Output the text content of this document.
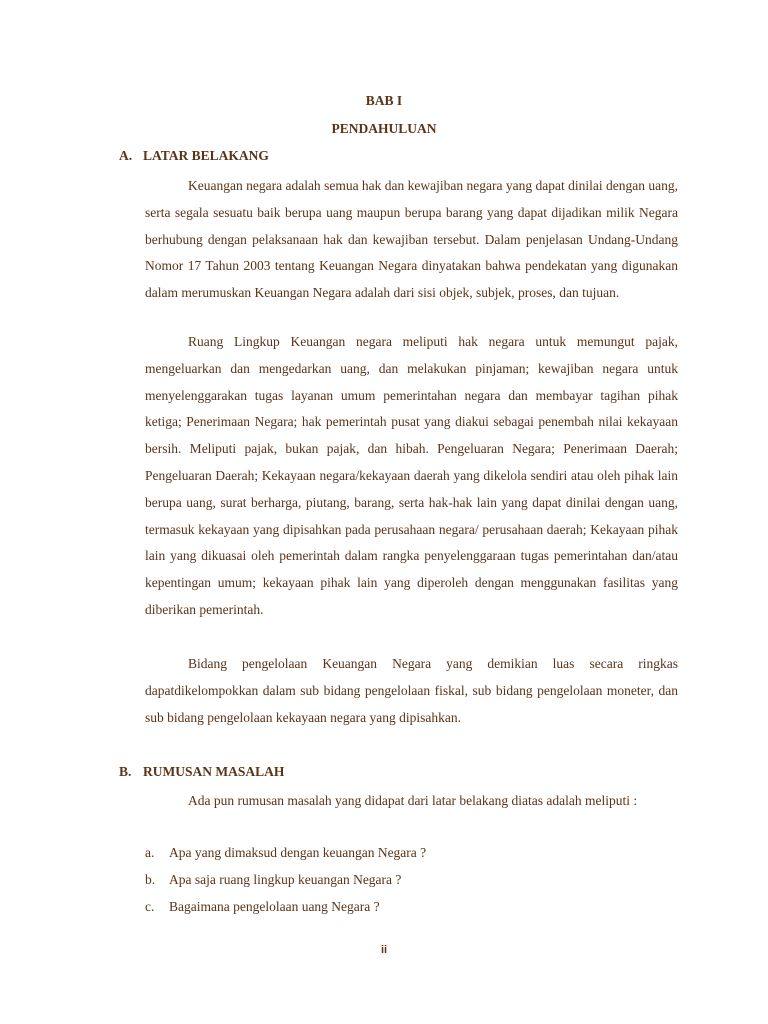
BAB I
PENDAHULUAN
A. LATAR BELAKANG

Keuangan negara adalah semua hak dan kewajiban negara yang dapat dinilai dengan uang, serta segala sesuatu baik berupa uang maupun berupa barang yang dapat dijadikan milik Negara berhubung dengan pelaksanaan hak dan kewajiban tersebut. Dalam penjelasan Undang-Undang Nomor 17 Tahun 2003 tentang Keuangan Negara dinyatakan bahwa pendekatan yang digunakan dalam merumuskan Keuangan Negara adalah dari sisi objek, subjek, proses, dan tujuan.

Ruang Lingkup Keuangan negara meliputi hak negara untuk memungut pajak, mengeluarkan dan mengedarkan uang, dan melakukan pinjaman; kewajiban negara untuk menyelenggarakan tugas layanan umum pemerintahan negara dan membayar tagihan pihak ketiga; Penerimaan Negara; hak pemerintah pusat yang diakui sebagai penembah nilai kekayaan bersih. Meliputi pajak, bukan pajak, dan hibah. Pengeluaran Negara; Penerimaan Daerah; Pengeluaran Daerah; Kekayaan negara/kekayaan daerah yang dikelola sendiri atau oleh pihak lain berupa uang, surat berharga, piutang, barang, serta hak-hak lain yang dapat dinilai dengan uang, termasuk kekayaan yang dipisahkan pada perusahaan negara/ perusahaan daerah; Kekayaan pihak lain yang dikuasai oleh pemerintah dalam rangka penyelenggaraan tugas pemerintahan dan/atau kepentingan umum; kekayaan pihak lain yang diperoleh dengan menggunakan fasilitas yang diberikan pemerintah.

Bidang pengelolaan Keuangan Negara yang demikian luas secara ringkas dapatdikelompokkan dalam sub bidang pengelolaan fiskal, sub bidang pengelolaan moneter, dan sub bidang pengelolaan kekayaan negara yang dipisahkan.

B. RUMUSAN MASALAH

Ada pun rumusan masalah yang didapat dari latar belakang diatas adalah meliputi :

a. Apa yang dimaksud dengan keuangan Negara ?
b. Apa saja ruang lingkup keuangan Negara ?
c. Bagaimana pengelolaan uang Negara ?
ii
